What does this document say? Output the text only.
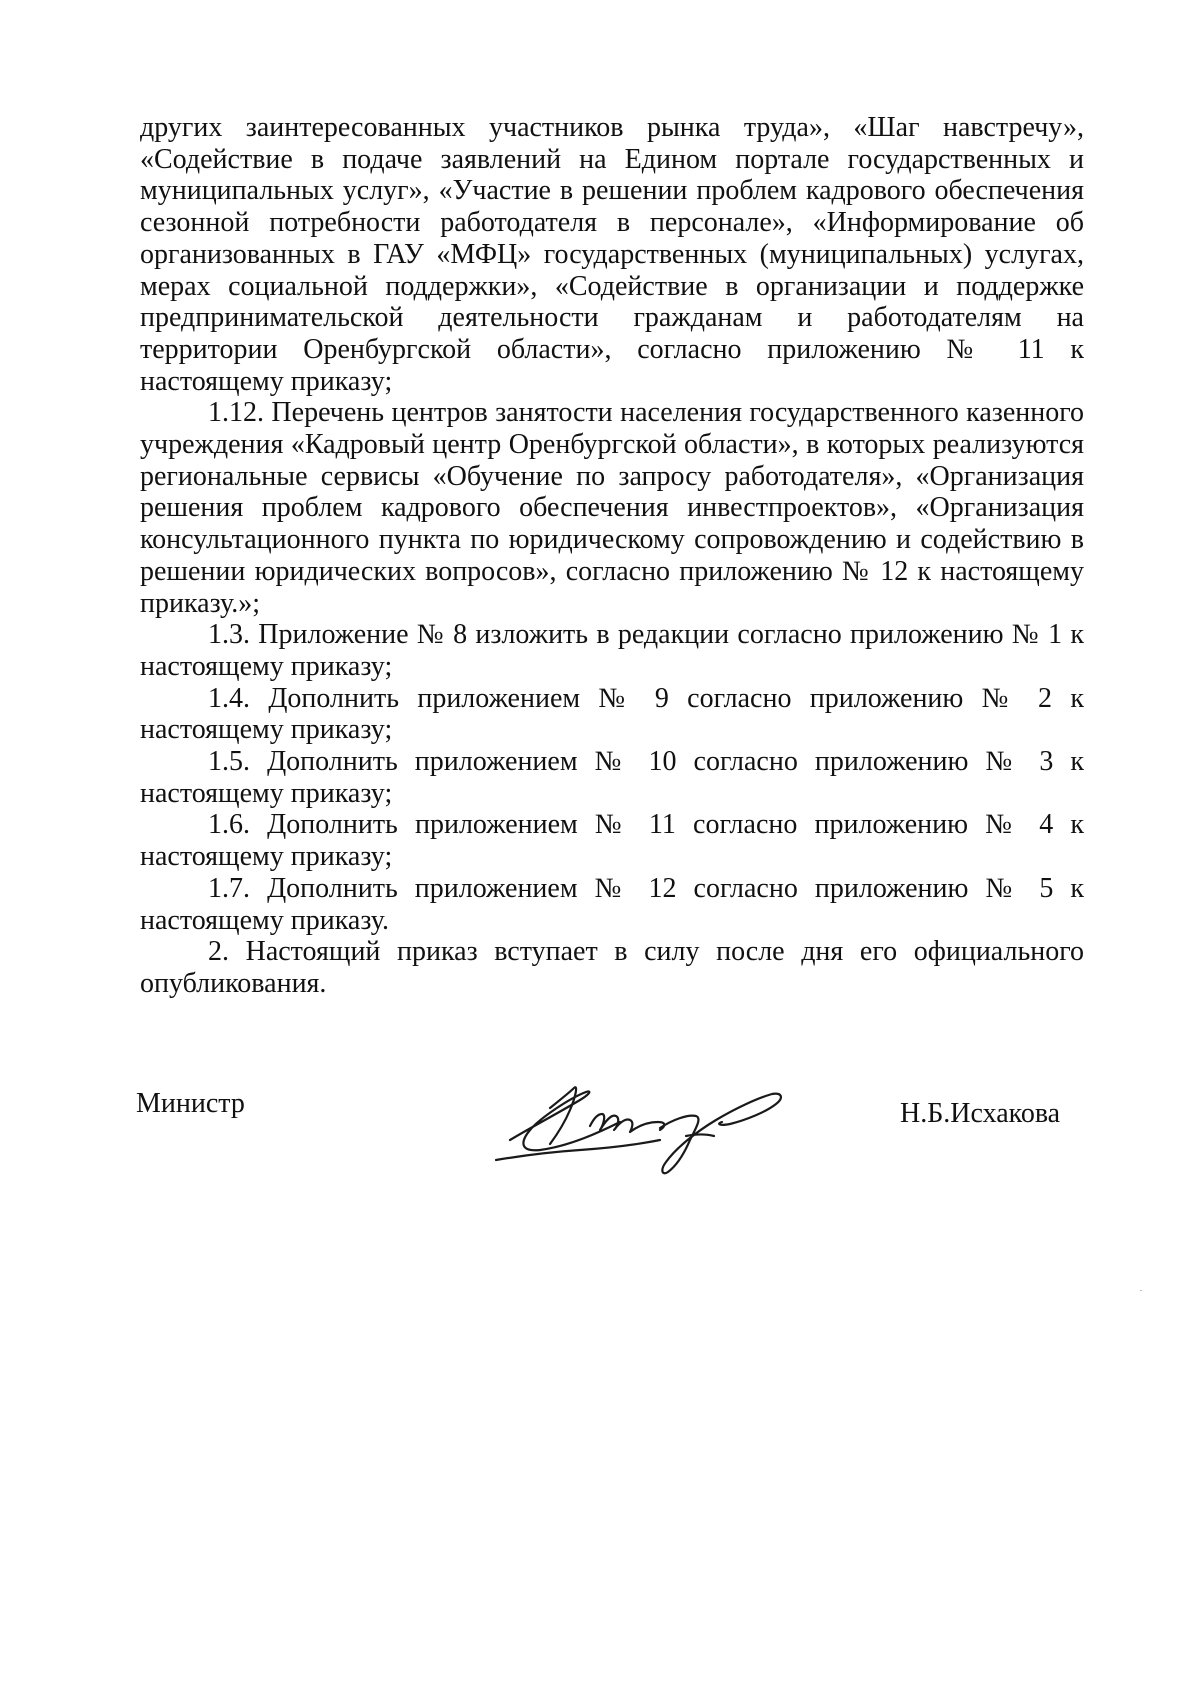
других заинтересованных участников рынка труда», «Шаг навстречу», «Содействие в подаче заявлений на Едином портале государственных и муниципальных услуг», «Участие в решении проблем кадрового обеспечения сезонной потребности работодателя в персонале», «Информирование об организованных в ГАУ «МФЦ» государственных (муниципальных) услугах, мерах социальной поддержки», «Содействие в организации и поддержке предпринимательской деятельности гражданам и работодателям на территории Оренбургской области», согласно приложению № 11 к настоящему приказу;

1.12. Перечень центров занятости населения государственного казенного учреждения «Кадровый центр Оренбургской области», в которых реализуются региональные сервисы «Обучение по запросу работодателя», «Организация решения проблем кадрового обеспечения инвестпроектов», «Организация консультационного пункта по юридическому сопровождению и содействию в решении юридических вопросов», согласно приложению № 12 к настоящему приказу.»;

1.3. Приложение № 8 изложить в редакции согласно приложению № 1 к настоящему приказу;

1.4. Дополнить приложением № 9 согласно приложению № 2 к настоящему приказу;

1.5. Дополнить приложением № 10 согласно приложению № 3 к настоящему приказу;

1.6. Дополнить приложением № 11 согласно приложению № 4 к настоящему приказу;

1.7. Дополнить приложением № 12 согласно приложению № 5 к настоящему приказу.

2. Настоящий приказ вступает в силу после дня его официального опубликования.

Министр	Н.Б.Исхакова
